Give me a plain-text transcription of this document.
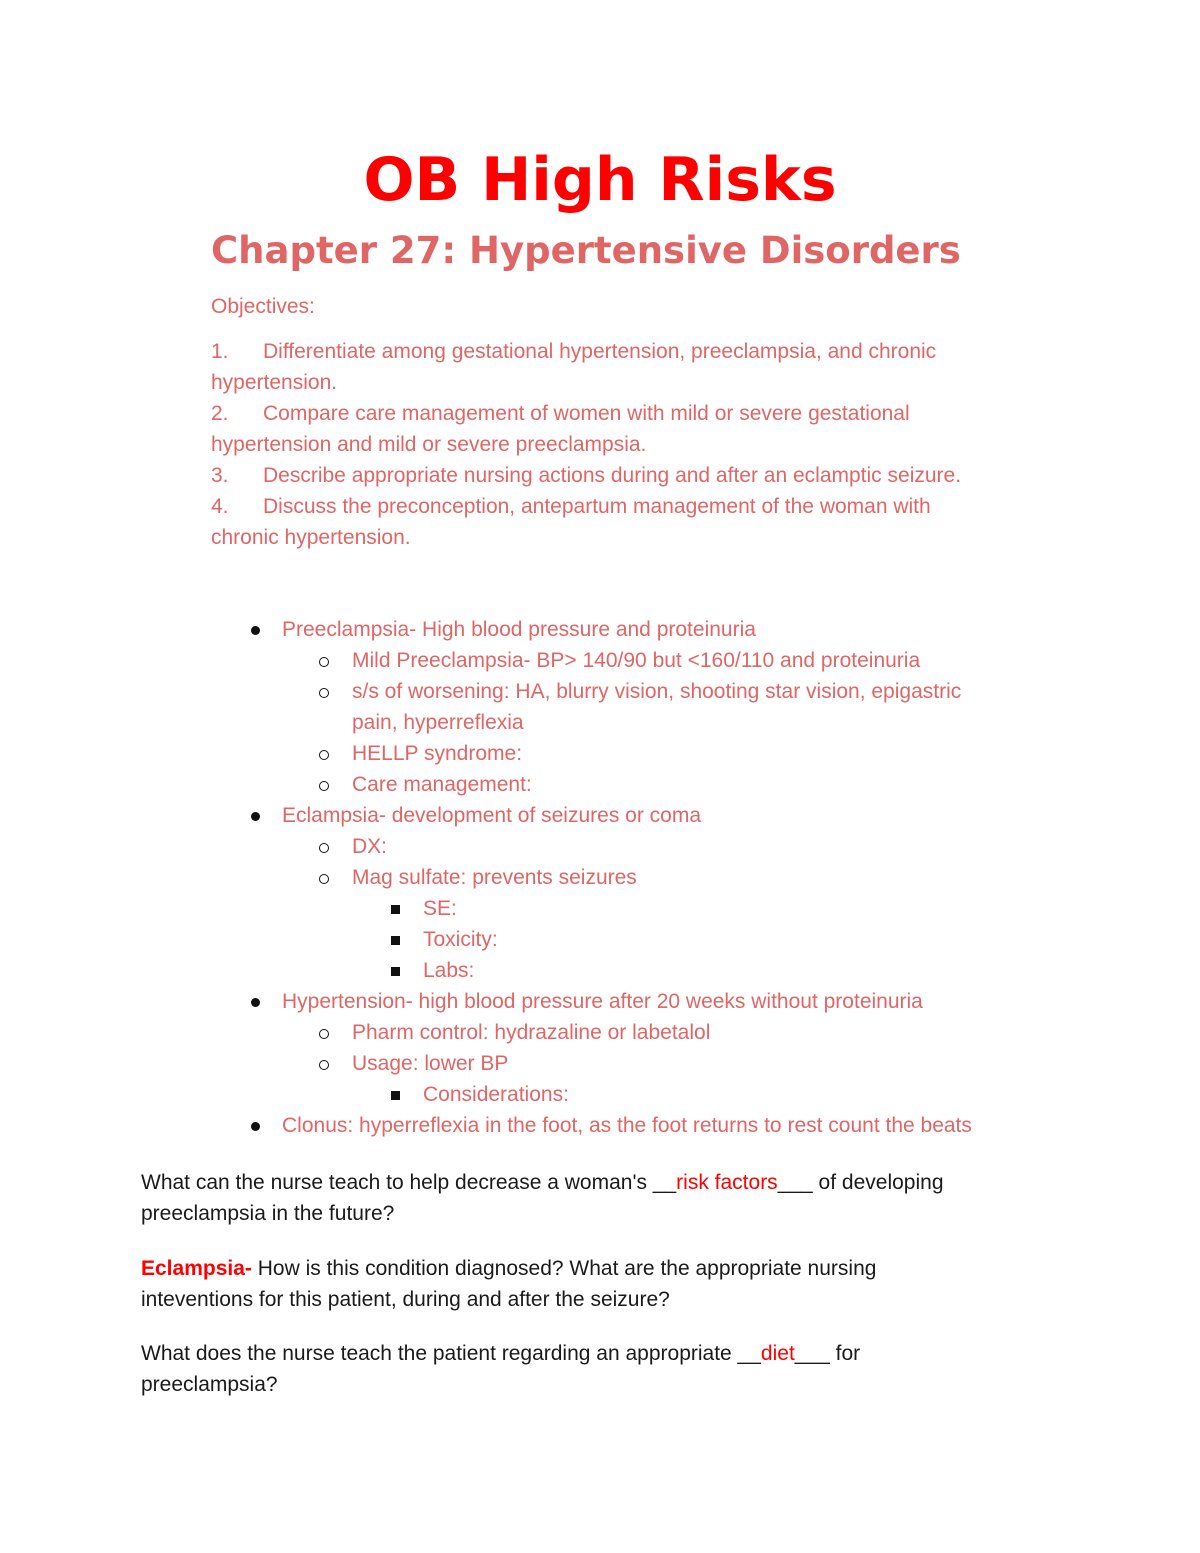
OB High Risks
Chapter 27: Hypertensive Disorders

Objectives:

1. Differentiate among gestational hypertension, preeclampsia, and chronic
hypertension.

2. Compare care management of women with mild or severe gestational
hypertension and mild or severe preeclampsia.

3. Describe appropriate nursing actions during and after an eclamptic seizure.

4. Discuss the preconception, antepartum management of the woman with
chronic hypertension.

Preeclampsia- High blood pressure and proteinuria
Mild Preeclampsia- BP> 140/90 but <160/110 and proteinuria
s/s of worsening: HA, blurry vision, shooting star vision, epigastric
pain, hyperreflexia
HELLP syndrome:
Care management:
Eclampsia- development of seizures or coma
DX:
Mag sulfate: prevents seizures
SE:
Toxicity:
Labs:
Hypertension- high blood pressure after 20 weeks without proteinuria
Pharm control: hydrazaline or labetalol
Usage: lower BP
Considerations:
Clonus: hyperreflexia in the foot, as the foot returns to rest count the beats

What can the nurse teach to help decrease a woman's __risk factors___ of developing
preeclampsia in the future?

Eclampsia- How is this condition diagnosed? What are the appropriate nursing
inteventions for this patient, during and after the seizure?

What does the nurse teach the patient regarding an appropriate __diet___ for
preeclampsia?
